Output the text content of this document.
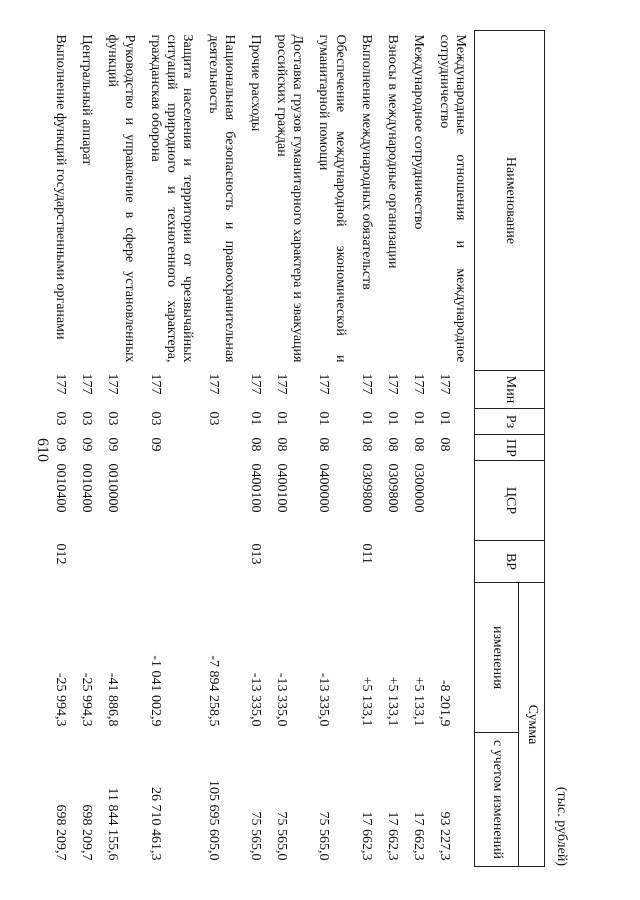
610
(тыс. рублей)
Наименование	Мин	Рз	ПР	ЦСР	ВР	Сумма	
						изменения	с учетом изменений
Международные отношения и международное сотрудничество	177	01	08			-8 201,9	93 227,3
Международное сотрудничество	177	01	08	0300000		+5 133,1	17 662,3
Взносы в международные организации	177	01	08	0309800		+5 133,1	17 662,3
Выполнение международных обязательств	177	01	08	0309800	011	+5 133,1	17 662,3
Обеспечение международной экономической и гуманитарной помощи	177	01	08	0400000		-13 335,0	75 565,0
Доставка грузов гуманитарного характера и эвакуация российских граждан	177	01	08	0400100		-13 335,0	75 565,0
Прочие расходы	177	01	08	0400100	013	-13 335,0	75 565,0
Национальная безопасность и правоохранительная деятельность	177	03				-7 894 258,5	105 695 605,0
Защита населения и территории от чрезвычайных ситуаций природного и техногенного характера, гражданская оборона	177	03	09			-1 041 002,9	26 710 461,3
Руководство и управление в сфере установленных функций	177	03	09	0010000		-41 886,8	11 844 155,6
Центральный аппарат	177	03	09	0010400		-25 994,3	698 209,7
Выполнение функций государственными органами	177	03	09	0010400	012	-25 994,3	698 209,7
